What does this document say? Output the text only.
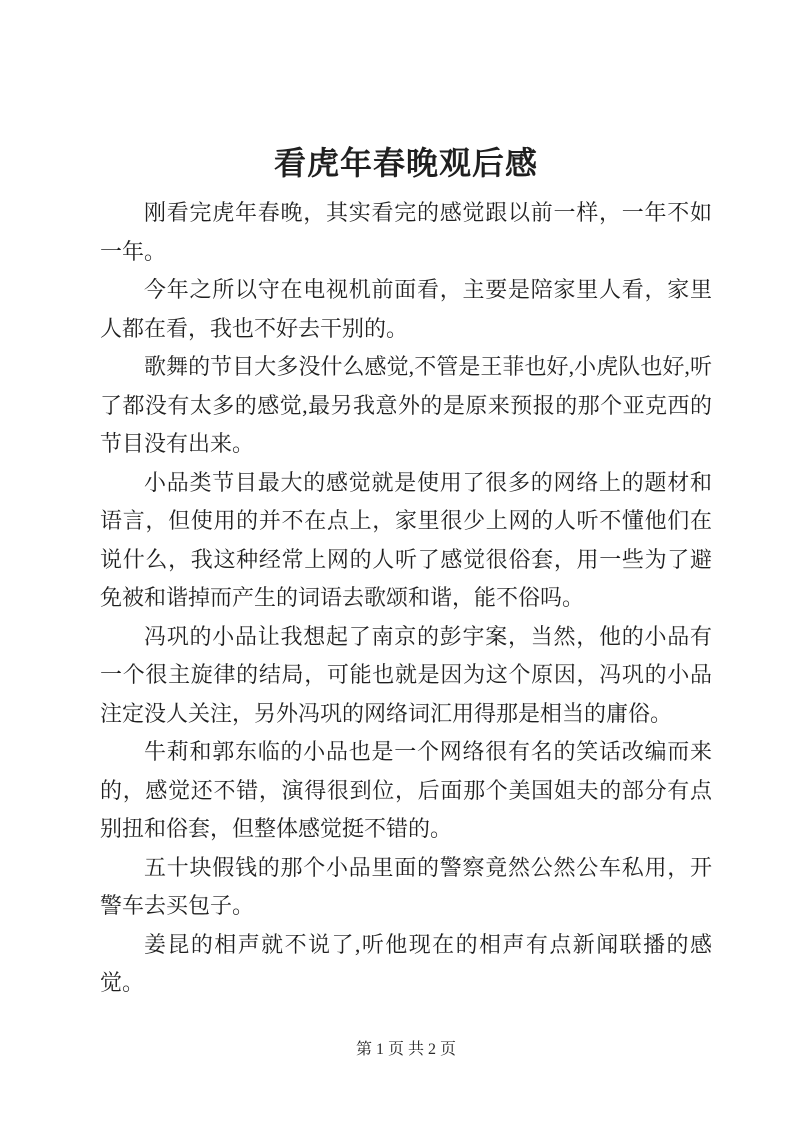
看虎年春晚观后感

刚看完虎年春晚，其实看完的感觉跟以前一样，一年不如一年。

今年之所以守在电视机前面看，主要是陪家里人看，家里人都在看，我也不好去干别的。

歌舞的节目大多没什么感觉,不管是王菲也好,小虎队也好,听了都没有太多的感觉,最另我意外的是原来预报的那个亚克西的节目没有出来。

小品类节目最大的感觉就是使用了很多的网络上的题材和语言，但使用的并不在点上，家里很少上网的人听不懂他们在说什么，我这种经常上网的人听了感觉很俗套，用一些为了避免被和谐掉而产生的词语去歌颂和谐，能不俗吗。

冯巩的小品让我想起了南京的彭宇案，当然，他的小品有一个很主旋律的结局，可能也就是因为这个原因，冯巩的小品注定没人关注，另外冯巩的网络词汇用得那是相当的庸俗。

牛莉和郭东临的小品也是一个网络很有名的笑话改编而来的，感觉还不错，演得很到位，后面那个美国姐夫的部分有点别扭和俗套，但整体感觉挺不错的。

五十块假钱的那个小品里面的警察竟然公然公车私用，开警车去买包子。

姜昆的相声就不说了,听他现在的相声有点新闻联播的感觉。

第 1 页 共 2 页
